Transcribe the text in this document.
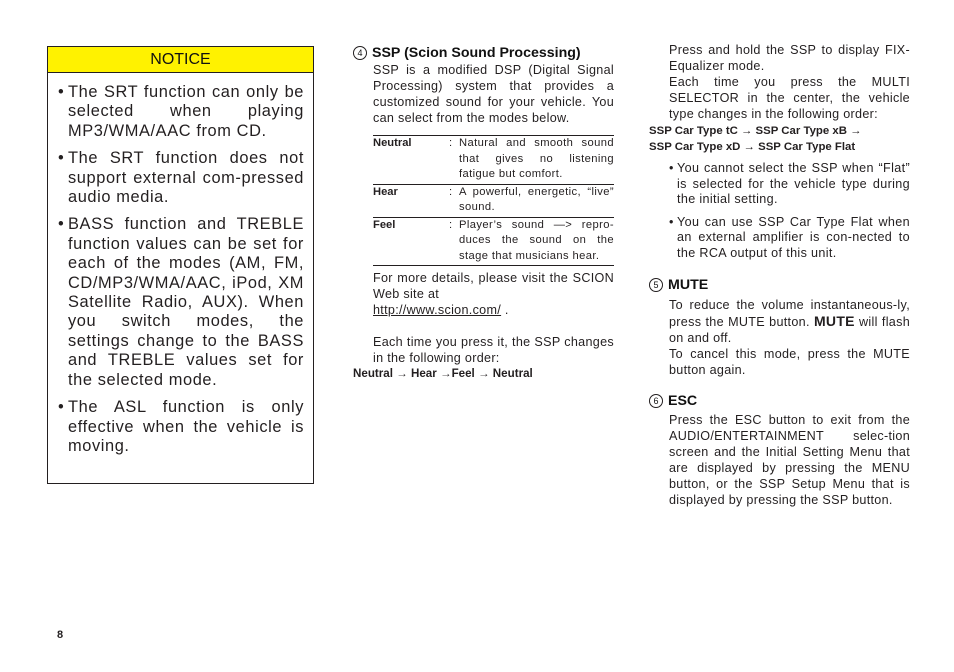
NOTICE
• The SRT function can only be selected when playing MP3/WMA/AAC from CD.
• The SRT function does not support external com-pressed audio media.
• BASS function and TREBLE function values can be set for each of the modes (AM, FM, CD/MP3/WMA/AAC, iPod, XM Satellite Radio, AUX). When you switch modes, the settings change to the BASS and TREBLE values set for the selected mode.
• The ASL function is only effective when the vehicle is moving.

4 SSP (Scion Sound Processing)

SSP is a modified DSP (Digital Signal Processing) system that provides a customized sound for your vehicle. You can select from the modes below.

Neutral	:	Natural and smooth sound that gives no listening fatigue but comfort.
Hear	:	A powerful, energetic, “live” sound.
Feel	:	Player’s sound —> repro-duces the sound on the stage that musicians hear.

For more details, please visit the SCION Web site at
http://www.scion.com/ .

Each time you press it, the SSP changes in the following order:

Neutral → Hear →Feel → Neutral

Press and hold the SSP to display FIX-Equalizer mode.

Each time you press the MULTI SELECTOR in the center, the vehicle type changes in the following order:

SSP Car Type tC → SSP Car Type xB →
SSP Car Type xD → SSP Car Type Flat

• You cannot select the SSP when “Flat” is selected for the vehicle type during the initial setting.
• You can use SSP Car Type Flat when an external amplifier is con-nected to the RCA output of this unit.

5 MUTE

To reduce the volume instantaneous-ly, press the MUTE button. MUTE will flash on and off.

To cancel this mode, press the MUTE button again.

6 ESC

Press the ESC button to exit from the AUDIO/ENTERTAINMENT selec-tion screen and the Initial Setting Menu that are displayed by pressing the MENU button, or the SSP Setup Menu that is displayed by pressing the SSP button.

8
